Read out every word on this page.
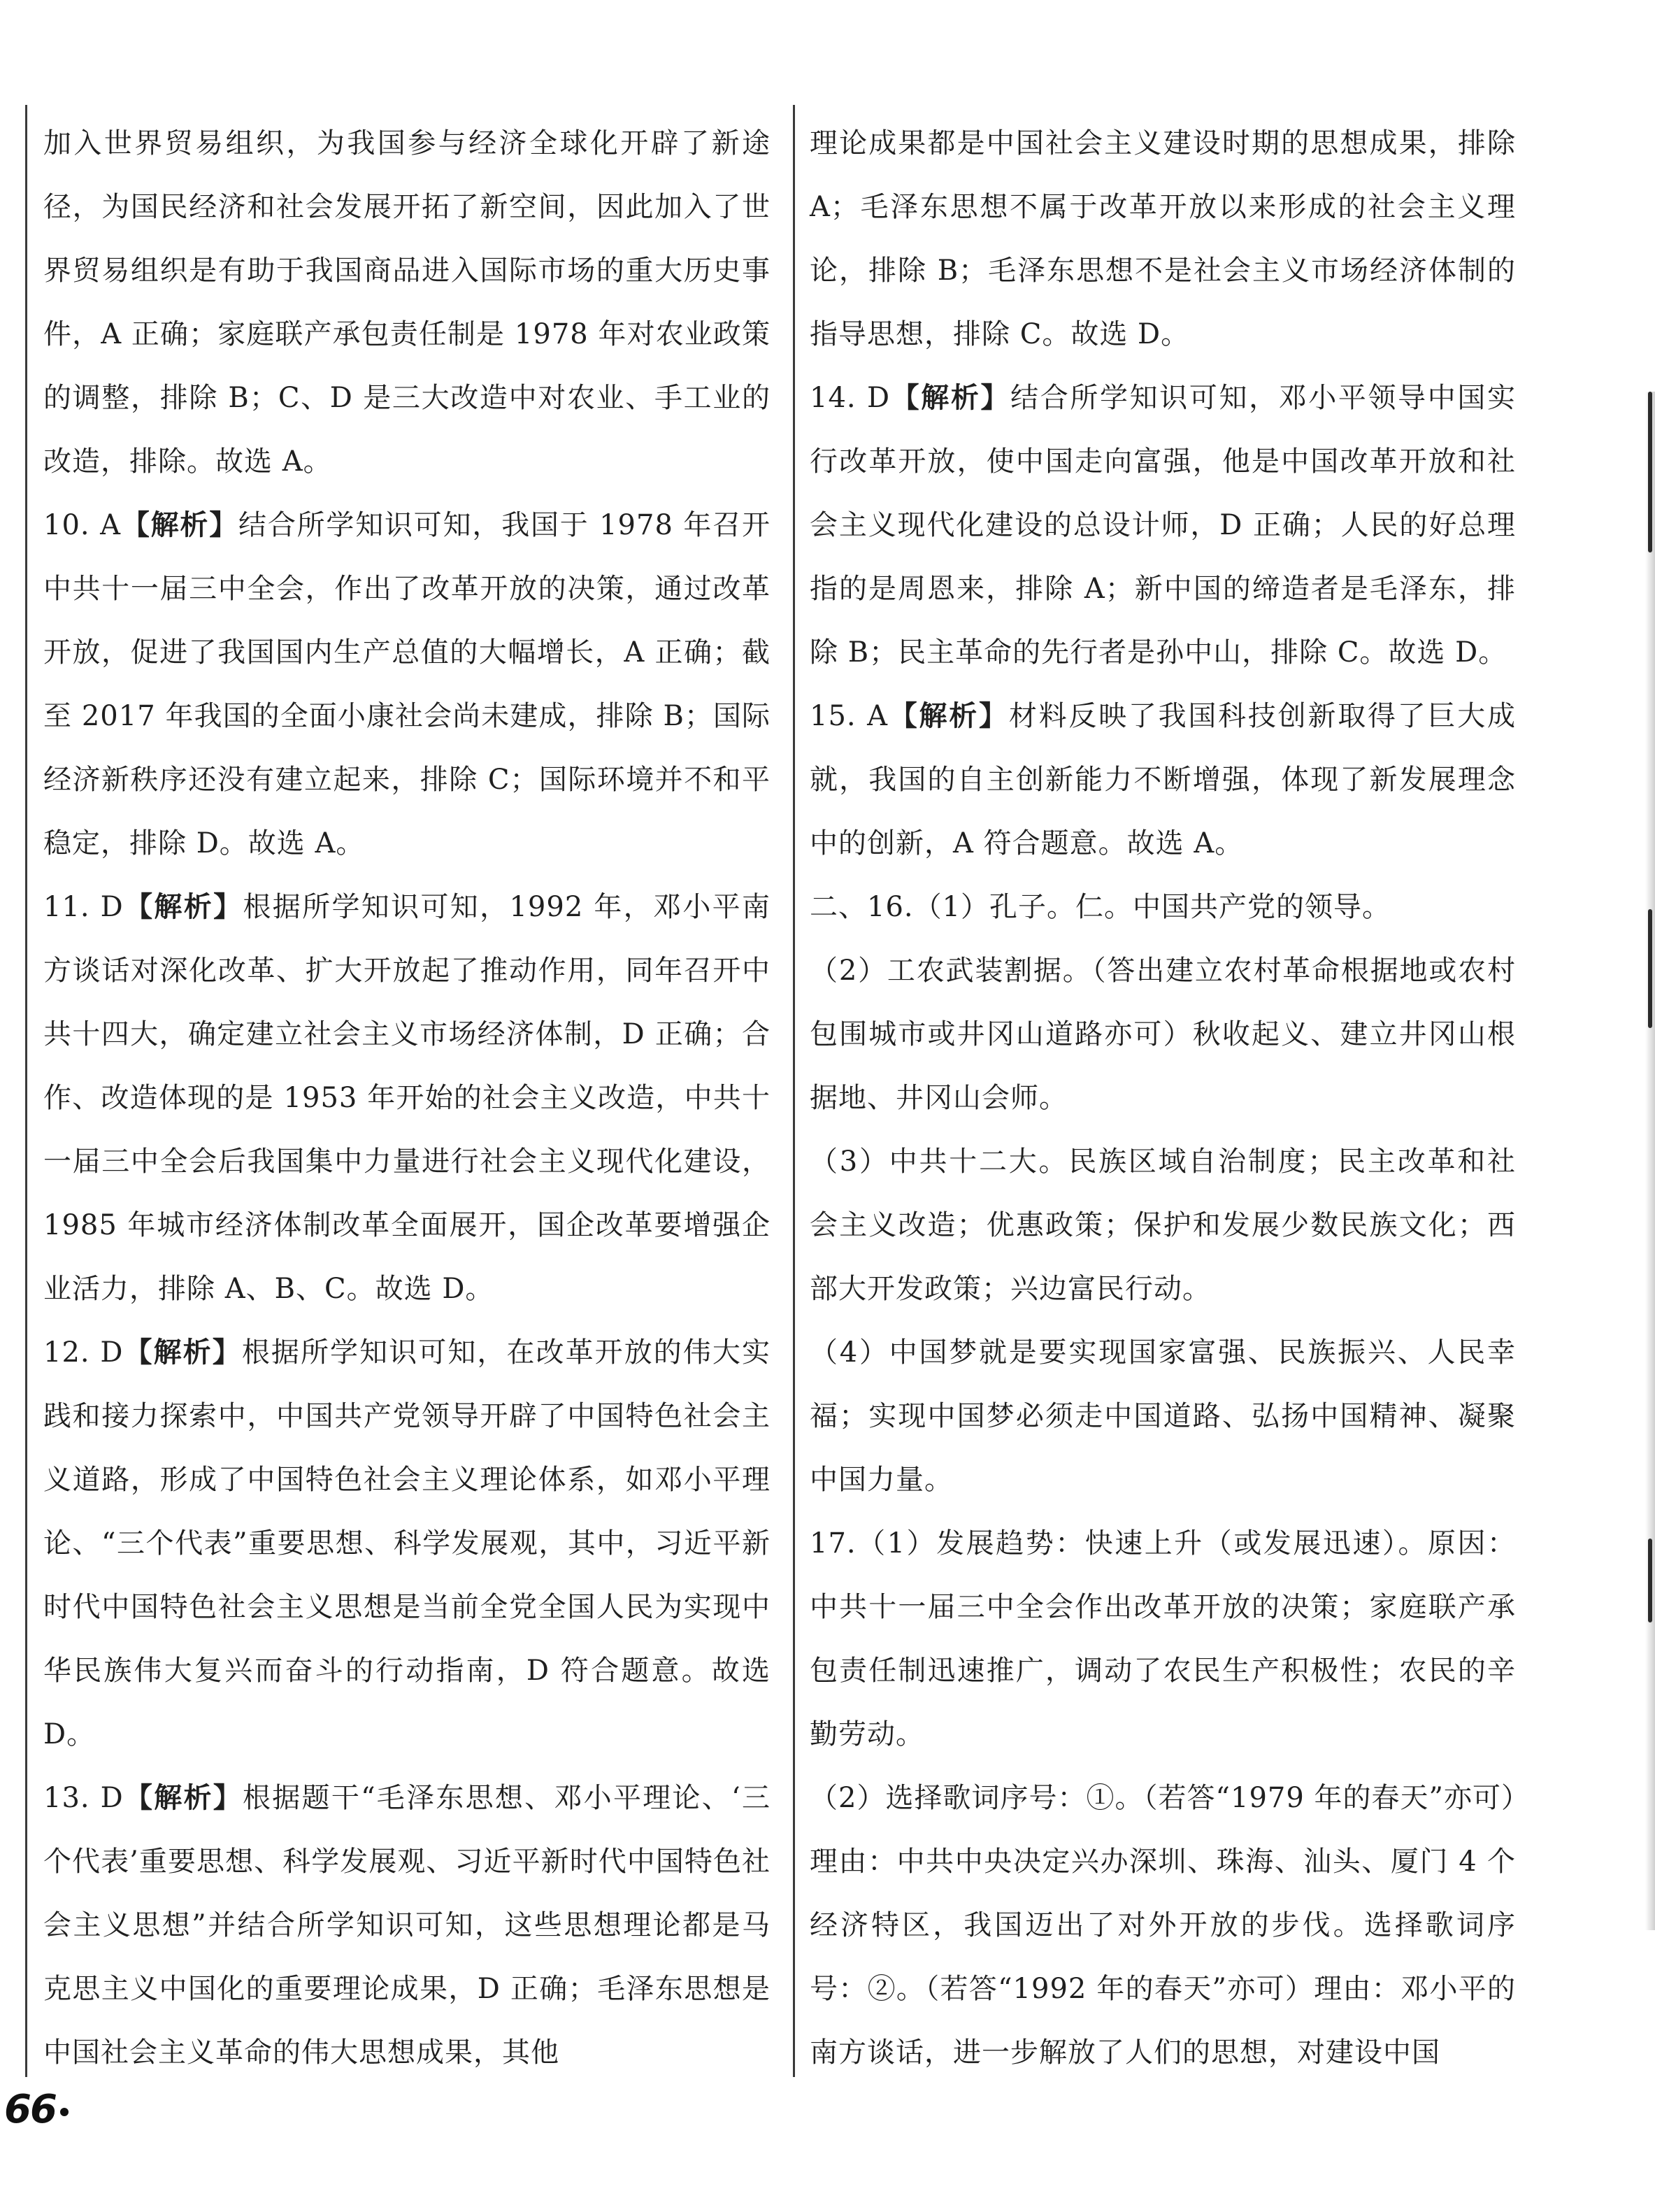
加入世界贸易组织，为我国参与经济全球化开辟了新途径，为国民经济和社会发展开拓了新空间，因此加入了世界贸易组织是有助于我国商品进入国际市场的重大历史事件，A 正确；家庭联产承包责任制是 1978 年对农业政策的调整，排除 B；C、D 是三大改造中对农业、手工业的改造，排除。故选 A。

10. A【解析】结合所学知识可知，我国于 1978 年召开中共十一届三中全会，作出了改革开放的决策，通过改革开放，促进了我国国内生产总值的大幅增长，A 正确；截至 2017 年我国的全面小康社会尚未建成，排除 B；国际经济新秩序还没有建立起来，排除 C；国际环境并不和平稳定，排除 D。故选 A。

11. D【解析】根据所学知识可知，1992 年，邓小平南方谈话对深化改革、扩大开放起了推动作用，同年召开中共十四大，确定建立社会主义市场经济体制，D 正确；合作、改造体现的是 1953 年开始的社会主义改造，中共十一届三中全会后我国集中力量进行社会主义现代化建设，1985 年城市经济体制改革全面展开，国企改革要增强企业活力，排除 A、B、C。故选 D。

12. D【解析】根据所学知识可知，在改革开放的伟大实践和接力探索中，中国共产党领导开辟了中国特色社会主义道路，形成了中国特色社会主义理论体系，如邓小平理论、“三个代表”重要思想、科学发展观，其中，习近平新时代中国特色社会主义思想是当前全党全国人民为实现中华民族伟大复兴而奋斗的行动指南，D 符合题意。故选 D。

13. D【解析】根据题干“毛泽东思想、邓小平理论、‘三个代表’重要思想、科学发展观、习近平新时代中国特色社会主义思想”并结合所学知识可知，这些思想理论都是马克思主义中国化的重要理论成果，D 正确；毛泽东思想是中国社会主义革命的伟大思想成果，其他

理论成果都是中国社会主义建设时期的思想成果，排除 A；毛泽东思想不属于改革开放以来形成的社会主义理论，排除 B；毛泽东思想不是社会主义市场经济体制的指导思想，排除 C。故选 D。

14. D【解析】结合所学知识可知，邓小平领导中国实行改革开放，使中国走向富强，他是中国改革开放和社会主义现代化建设的总设计师，D 正确；人民的好总理指的是周恩来，排除 A；新中国的缔造者是毛泽东，排除 B；民主革命的先行者是孙中山，排除 C。故选 D。

15. A【解析】材料反映了我国科技创新取得了巨大成就，我国的自主创新能力不断增强，体现了新发展理念中的创新，A 符合题意。故选 A。

二、16.（1）孔子。仁。中国共产党的领导。

（2）工农武装割据。（答出建立农村革命根据地或农村包围城市或井冈山道路亦可）秋收起义、建立井冈山根据地、井冈山会师。

（3）中共十二大。民族区域自治制度；民主改革和社会主义改造；优惠政策；保护和发展少数民族文化；西部大开发政策；兴边富民行动。

（4）中国梦就是要实现国家富强、民族振兴、人民幸福；实现中国梦必须走中国道路、弘扬中国精神、凝聚中国力量。

17.（1）发展趋势：快速上升（或发展迅速）。原因：中共十一届三中全会作出改革开放的决策；家庭联产承包责任制迅速推广，调动了农民生产积极性；农民的辛勤劳动。

（2）选择歌词序号：①。（若答“1979 年的春天”亦可）理由：中共中央决定兴办深圳、珠海、汕头、厦门 4 个经济特区，我国迈出了对外开放的步伐。选择歌词序号：②。（若答“1992 年的春天”亦可）理由：邓小平的南方谈话，进一步解放了人们的思想，对建设中国

66
